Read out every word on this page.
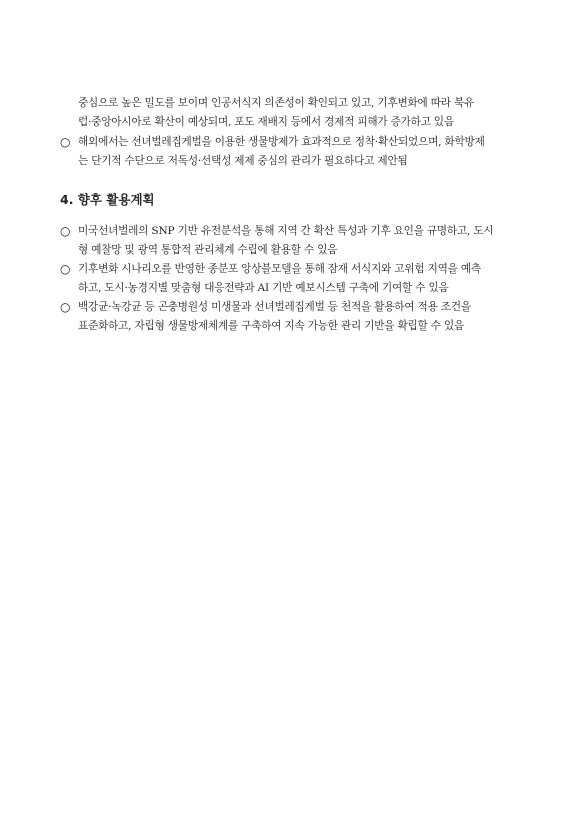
중심으로 높은 밀도를 보이며 인공서식지 의존성이 확인되고 있고, 기후변화에 따라 북유
럽·중앙아시아로 확산이 예상되며, 포도 재배지 등에서 경제적 피해가 증가하고 있음
○ 해외에서는 선녀벌레집게벌을 이용한 생물방제가 효과적으로 정착·확산되었으며, 화학방제
는 단기적 수단으로 저독성·선택성 제제 중심의 관리가 필요하다고 제안됨
4. 향후 활용계획
○ 미국선녀벌레의 SNP 기반 유전분석을 통해 지역 간 확산 특성과 기후 요인을 규명하고, 도시
형 예찰망 및 광역 통합적 관리체계 수립에 활용할 수 있음
○ 기후변화 시나리오를 반영한 종분포 앙상블모델을 통해 잠재 서식지와 고위험 지역을 예측
하고, 도시·농경지별 맞춤형 대응전략과 AI 기반 예보시스템 구축에 기여할 수 있음
○ 백강균·녹강균 등 곤충병원성 미생물과 선녀벌레집게벌 등 천적을 활용하여 적용 조건을
표준화하고, 자립형 생물방제체계를 구축하여 지속 가능한 관리 기반을 확립할 수 있음
